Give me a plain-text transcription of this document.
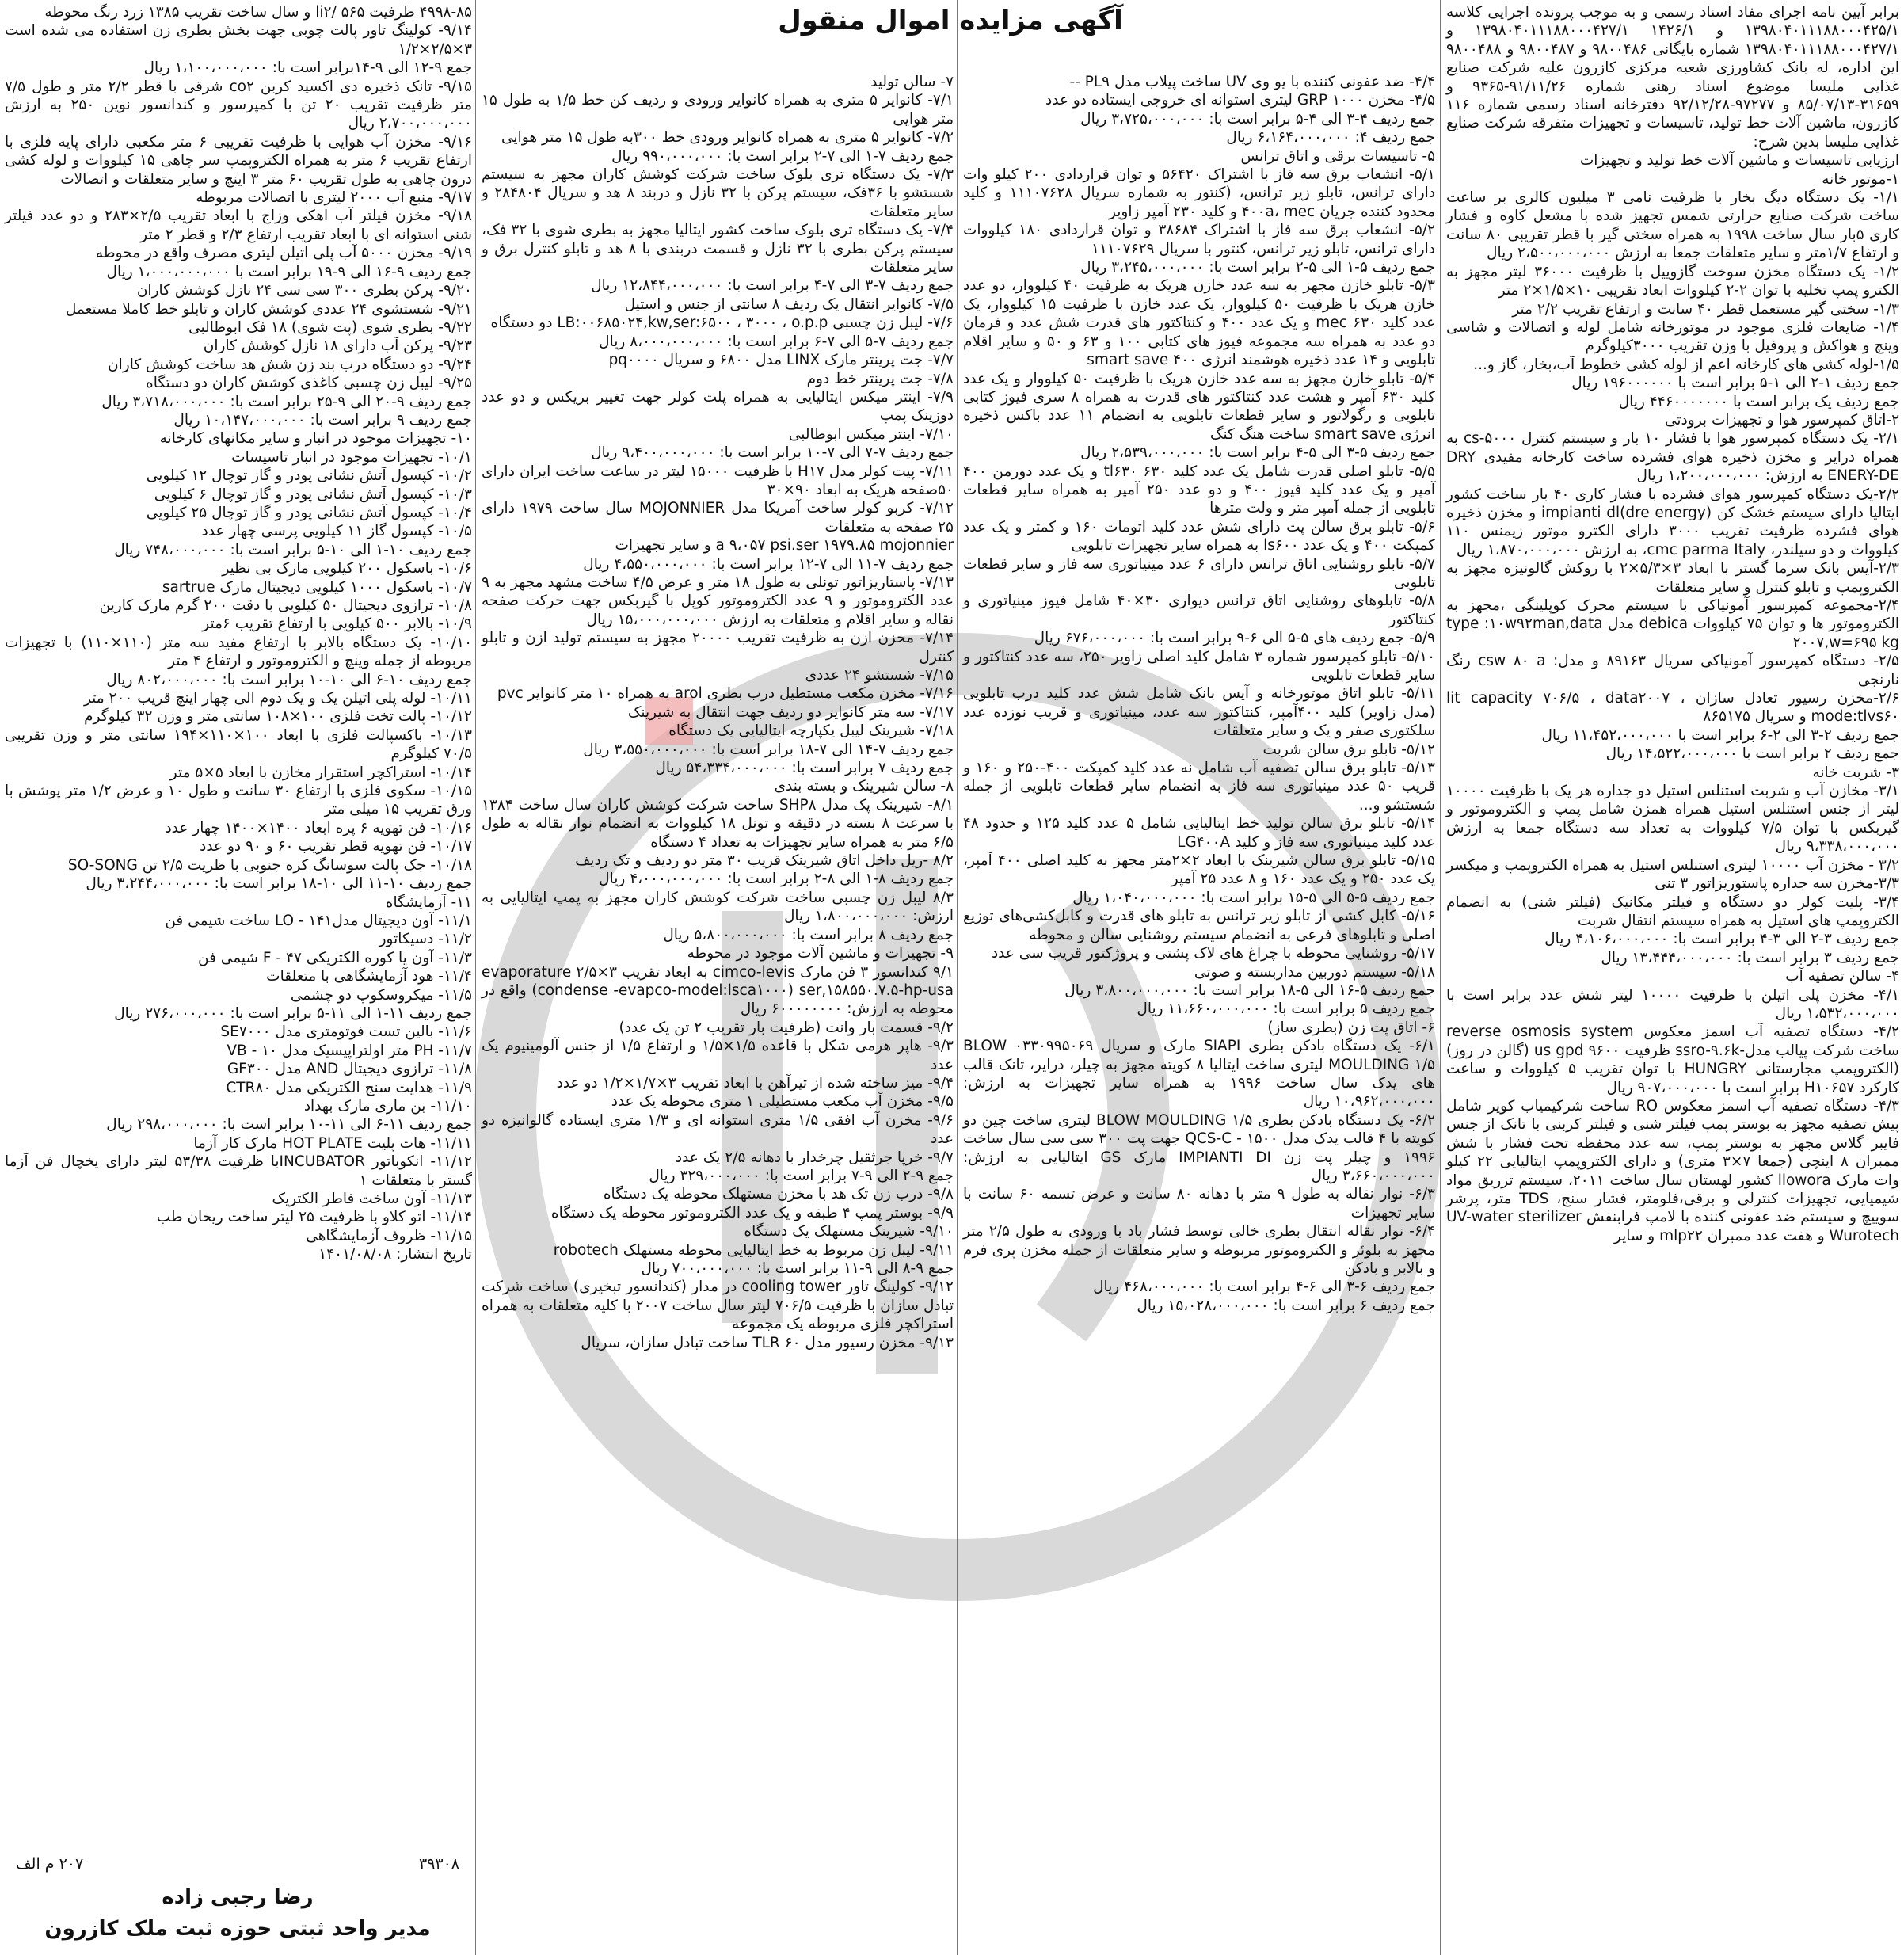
آگهی مزایده اموال منقول	برابر آیین نامه اجرای مفاد اسناد رسمی و به موجب پرونده اجرایی کلاسه ۱۳۹۸۰۴۰۱۱۱۸۸۰۰۰۴۲۵/۱ و ۱۴۲۶/۱ ۱۳۹۸۰۴۰۱۱۱۸۸۰۰۰۴۲۷/۱ و ۱۳۹۸۰۴۰۱۱۱۸۸۰۰۰۴۲۷/۱ شماره بایگانی ۹۸۰۰۴۸۶ و ۹۸۰۰۴۸۷ و ۹۸۰۰۴۸۸ این اداره، له بانک کشاورزی شعبه مرکزی کازرون علیه شرکت صنایع غذایی ملیسا موضوع اسناد رهنی شماره ۹۱/۱۱/۲۶-۹۳۶۵ و ۳۱۶۵۹-۸۵/۰۷/۱۳ و ۹۷۲۷۷-۹۲/۱۲/۲۸ دفترخانه اسناد رسمی شماره ۱۱۶ کازرون، ماشین آلات خط تولید، تاسیسات و تجهیزات متفرقه شرکت صنایع غذایی ملیسا بدین شرح:

ارزیابی تاسیسات و ماشین آلات خط تولید و تجهیزات

۱-موتور خانه

۱/۱- یک دستگاه دیگ بخار با ظرفیت نامی ۳ میلیون کالری بر ساعت ساخت شرکت صنایع حرارتی شمس تجهیز شده با مشعل کاوه و فشار کاری ۵بار سال ساخت ۱۹۹۸ به همراه سختی گیر با قطر تقریبی ۸۰ سانت و ارتفاع ۱/۷متر و سایر متعلقات جمعا به ارزش ۲،۵۰۰،۰۰۰،۰۰۰ ریال

۱/۲- یک دستگاه مخزن سوخت گازوییل با ظرفیت ۳۶۰۰۰ لیتر مجهز به الکترو پمپ تخلیه با توان ۲-۲ کیلووات ابعاد تقریبی ۱۰×۱/۵×۲ متر

۱/۳- سختی گیر مستعمل قطر ۴۰ سانت و ارتفاع تقریب ۲/۲ متر

۱/۴- ضایعات فلزی موجود در موتورخانه شامل لوله و اتصالات و شاسی وینچ و هواکش و پروفیل با وزن تقریب ۳۰۰۰کیلوگرم

۱/۵-لوله کشی های کارخانه اعم از لوله کشی خطوط آب،بخار، گاز و...

جمع ردیف ۱-۲ الی ۱-۵ برابر است با ۱۹۶۰۰۰۰۰۰ ریال

جمع ردیف یک برابر است با ۴۴۶۰۰۰۰۰۰۰ ریال

۲-اتاق کمپرسور هوا و تجهیزات برودتی

۲/۱- یک دستگاه کمپرسور هوا با فشار ۱۰ بار و سیستم کنترل cs-۵۰۰۰ به همراه درایر و مخزن ذخیره هوای فشرده ساخت کارخانه مفیدی DRY ENERY-DE به ارزش: ۱،۲۰۰،۰۰۰،۰۰۰ ریال

۲/۲-یک دستگاه کمپرسور هوای فشرده با فشار کاری ۴۰ بار ساخت کشور ایتالیا دارای سیستم خشک کن impianti dl(dre energy) و مخزن ذخیره هوای فشرده ظرفیت تقریب ۳۰۰۰ دارای الکترو موتور زیمنس ۱۱۰ کیلووات و دو سیلندر، cmc parma Italy، به ارزش ۱،۸۷۰،۰۰۰،۰۰۰ ریال

۲/۳-آیس بانک سرما گستر با ابعاد ۳×۵/۳×۲ با روکش گالونیزه مجهز به الکتروپمپ و تابلو کنترل و سایر متعلقات

۲/۴-مجموعه کمپرسور آمونیاکی با سیستم محرک کوپلینگی ،مجهز به الکتروموتور ها و توان ۷۵ کیلووات debica مدل type :۱۰w۹۲man,data ۲۰۰۷,w=۶۹۵ kg

۲/۵- دستگاه کمپرسور آمونیاکی سریال ۸۹۱۶۳ و مدل: csw ۸۰ a رنگ نارنجی

۲/۶-مخزن رسیور تعادل سازان lit capacity ۷۰۶/۵ ، data۲۰۰۷ ، mode:tlvs۶۰ و سریال ۸۶۵۱۷۵

جمع ردیف ۲-۳ الی ۲-۶ برابر است با ۱۱،۴۵۲،۰۰۰،۰۰۰ ریال

جمع ردیف ۲ برابر است با ۱۴،۵۲۲،۰۰۰،۰۰۰ ریال

۳- شربت خانه

۳/۱- مخازن آب و شربت استنلس استیل دو جداره هر یک با ظرفیت ۱۰۰۰۰ لیتر از جنس استنلس استیل همراه همزن شامل پمپ و الکتروموتور و گیربکس با توان ۷/۵ کیلووات به تعداد سه دستگاه جمعا به ارزش ۹،۳۳۸،۰۰۰،۰۰۰ ریال

۳/۲ - مخزن آب ۱۰۰۰۰ لیتری استنلس استیل به همراه الکتروپمپ و میکسر

۳/۳-مخزن سه جداره پاستوریزاتور ۳ تنی

۳/۴- پلیت کولر دو دستگاه و فیلتر مکانیک (فیلتر شنی) به انضمام الکتروپمپ های استیل به همراه سیستم انتقال شربت

جمع ردیف ۳-۲ الی ۳-۴ برابر است با: ۴،۱۰۶،۰۰۰،۰۰۰ ریال

جمع ردیف ۳ برابر است با: ۱۳،۴۴۴،۰۰۰،۰۰۰ ریال

۴- سالن تصفیه آب

۴/۱- مخزن پلی اتیلن با ظرفیت ۱۰۰۰۰ لیتر شش عدد برابر است با ۱،۵۳۲،۰۰۰،۰۰۰ ریال

۴/۲- دستگاه تصفیه آب اسمز معکوس reverse osmosis system ساخت شرکت پیالب مدل-ssro-۹.۶k ظرفیت ۹۶۰۰ us gpd (گالن در روز) (الکتروپمپ مجارستانی HUNGRY با توان تقریب ۵ کیلووات و ساعت کارکرد H۱۰۶۵۷ برابر است با ۹۰۷،۰۰۰،۰۰۰ ریال

۴/۳- دستگاه تصفیه آب اسمز معکوس RO ساخت شرکیمیاب کویر شامل پیش تصفیه مجهز به بوستر پمپ فیلتر شنی و فیلتر کربنی با تانک از جنس فایبر گلاس مجهز به بوستر پمپ، سه عدد محفظه تحت فشار با شش ممبران ۸ اینچی (جمعا ۷×۳ متری) و دارای الکتروپمپ ایتالیایی ۲۲ کیلو وات مارک llowora کشور لهستان سال ساخت ۲۰۱۱، سیستم تزریق مواد شیمیایی، تجهیزات کنترلی و برقی،فلومتر، فشار سنج، TDS متر، پرشر سوییچ و سیستم ضد عفونی کننده با لامپ فرابنفش UV-water sterilizer Wurotech و هفت عدد ممبران mlp۲۲ و سایر

۴/۴- ضد عفونی کننده با یو وی UV ساخت پیلاب مدل PL۹ --

۴/۵- مخزن GRP ۱۰۰۰ لیتری استوانه ای خروجی ایستاده دو عدد

جمع ردیف ۴-۳ الی ۴-۵ برابر است با: ۳،۷۲۵،۰۰۰،۰۰۰ ریال

جمع ردیف ۴: ۶،۱۶۴،۰۰۰،۰۰۰ ریال

۵- تاسیسات برقی و اتاق ترانس

۵/۱- انشعاب برق سه فاز با اشتراک ۵۶۴۲۰ و توان قراردادی ۲۰۰ کیلو وات دارای ترانس، تابلو زیر ترانس، (کنتور به شماره سریال ۱۱۱۰۷۶۲۸ و کلید محدود کننده جریان ۴۰۰a، mec و کلید ۲۳۰ آمپر زاویر

۵/۲- انشعاب برق سه فاز با اشتراک ۳۸۶۸۴ و توان قراردادی ۱۸۰ کیلووات دارای ترانس، تابلو زیر ترانس، کنتور با سریال ۱۱۱۰۷۶۲۹

جمع ردیف ۵-۱ الی ۵-۲ برابر است با: ۳،۲۴۵،۰۰۰،۰۰۰ ریال

۵/۳- تابلو خازن مجهز به سه عدد خازن هریک به ظرفیت ۴۰ کیلووار، دو عدد خازن هریک با ظرفیت ۵۰ کیلووار، یک عدد خازن با ظرفیت ۱۵ کیلووار، یک عدد کلید ۶۳۰ mec و یک عدد ۴۰۰ و کنتاکتور های قدرت شش عدد و فرمان دو عدد به همراه سه مجموعه فیوز های کتابی ۱۰۰ و ۶۳ و ۵۰ و سایر اقلام تابلویی و ۱۴ عدد ذخیره هوشمند انرژی ۴۰۰ smart save

۵/۴- تابلو خازن مجهز به سه عدد خازن هریک با ظرفیت ۵۰ کیلووار و یک عدد کلید ۶۳۰ آمپر و هشت عدد کنتاکتور های قدرت به همراه ۸ سری فیوز کتابی تابلویی و رگولاتور و سایر قطعات تابلویی به انضمام ۱۱ عدد باکس ذخیره انرژی smart save ساخت هنگ کنگ

جمع ردیف ۵-۳ الی ۵-۴ برابر است با: ۲،۵۳۹،۰۰۰،۰۰۰ ریال

۵/۵- تابلو اصلی قدرت شامل یک عدد کلید ۶۳۰ tl۶۳۰ و یک عدد دورمن ۴۰۰ آمپر و یک عدد کلید فیوز ۴۰۰ و دو عدد ۲۵۰ آمپر به همراه سایر قطعات تابلویی از جمله آمپر متر و ولت مترها

۵/۶- تابلو برق سالن پت دارای شش عدد کلید اتومات ۱۶۰ و کمتر و یک عدد کمپکت ۴۰۰ و یک عدد ls۶۰۰ به همراه سایر تجهیزات تابلویی

۵/۷- تابلو روشنایی اتاق ترانس دارای ۶ عدد مینیاتوری سه فاز و سایر قطعات تابلویی

۵/۸- تابلوهای روشنایی اتاق ترانس دیواری ۳۰×۴۰ شامل فیوز مینیاتوری و کنتاکتور

۵/۹- جمع ردیف های ۵-۵ الی ۶-۹ برابر است با: ۶۷۶،۰۰۰،۰۰۰ ریال

۵/۱۰- تابلو کمپرسور شماره ۳ شامل کلید اصلی زاویر ۲۵۰، سه عدد کنتاکتور و سایر قطعات تابلویی

۵/۱۱- تابلو اتاق موتورخانه و آیس بانک شامل شش عدد کلید درب تابلویی (مدل زاویر) کلید ۴۰۰آمپر، کنتاکتور سه عدد، مینیاتوری و قریب نوزده عدد سلکتوری صفر و یک و سایر متعلقات

۵/۱۲- تابلو برق سالن شربت

۵/۱۳- تابلو برق سالن تصفیه آب شامل نه عدد کلید کمپکت ۴۰۰-۲۵۰ و ۱۶۰ و قریب ۵۰ عدد مینیاتوری سه فاز به انضمام سایر قطعات تابلویی از جمله شستشو و...

۵/۱۴- تابلو برق سالن تولید خط ایتالیایی شامل ۵ عدد کلید ۱۲۵ و حدود ۴۸ عدد کلید مینیاتوری سه فاز و کلید LG۴۰۰A

۵/۱۵- تابلو برق سالن شیرینک با ابعاد ۲×۲متر مجهز به کلید اصلی ۴۰۰ آمپر، یک عدد ۲۵۰ و یک عدد ۱۶۰ و ۸ عدد ۲۵ آمپر

جمع ردیف ۵-۵ الی ۵-۱۵ برابر است با: ۱،۰۴۰،۰۰۰،۰۰۰ ریال

۵/۱۶- کابل کشی از تابلو زیر ترانس به تابلو های قدرت و کابل‌کشی‌های توزیع اصلی و تابلوهای فرعی به انضمام سیستم روشنایی سالن و محوطه

۵/۱۷- روشنایی محوطه با چراغ های لاک پشتی و پروژکتور قریب سی عدد

۵/۱۸- سیستم دوربین مداربسته و صوتی

جمع ردیف ۵-۱۶ الی ۵-۱۸ برابر است با: ۳،۸۰۰،۰۰۰،۰۰۰ ریال

جمع ردیف ۵ برابر است با: ۱۱،۶۶۰،۰۰۰،۰۰۰ ریال

۶- اتاق پت زن (بطری ساز)

۶/۱- یک دستگاه بادکن بطری SIAPI مارک و سریال ۰۳۳۰۹۹۵۰۶۹ BLOW MOULDING ۱/۵ لیتری ساخت ایتالیا ۸ کویته مجهز به چیلر، درایر، تانک قالب های یدک سال ساخت ۱۹۹۶ به همراه سایر تجهیزات به ارزش: ۱۰،۹۶۲،۰۰۰،۰۰۰ ریال

۶/۲- یک دستگاه بادکن بطری BLOW MOULDING ۱/۵ لیتری ساخت چین دو کویته با ۴ قالب یدک مدل ۱۵۰۰ - QCS-C جهت پت ۳۰۰ سی سی سال ساخت ۱۹۹۶ و چیلر پت زن IMPIANTI DI مارک GS ایتالیایی به ارزش: ۳،۶۶۰،۰۰۰،۰۰۰ ریال

۶/۳- نوار نقاله به طول ۹ متر با دهانه ۸۰ سانت و عرض تسمه ۶۰ سانت با سایر تجهیزات

۶/۴- نوار نقاله انتقال بطری خالی توسط فشار باد با ورودی به طول ۲/۵ متر مجهز به بلوئر و الکتروموتور مربوطه و سایر متعلقات از جمله مخزن پری فرم و بالابر و بادکن

جمع ردیف ۶-۳ الی ۶-۴ برابر است با: ۴۶۸،۰۰۰،۰۰۰ ریال

جمع ردیف ۶ برابر است با: ۱۵،۰۲۸،۰۰۰،۰۰۰ ریال

۷- سالن تولید

۷/۱- کانوایر ۵ متری به همراه کانوایر ورودی و ردیف کن خط ۱/۵ به طول ۱۵ متر هوایی

۷/۲- کانوایر ۵ متری به همراه کانوایر ورودی خط ۳۰۰به طول ۱۵ متر هوایی

جمع ردیف ۷-۱ الی ۷-۲ برابر است با: ۹۹۰،۰۰۰،۰۰۰ ریال

۷/۳- یک دستگاه تری بلوک ساخت شرکت کوشش کاران مجهز به سیستم شستشو با ۳۶فک، سیستم پرکن با ۳۲ نازل و دربند ۸ هد و سریال ۲۸۴۸۰۴ و سایر متعلقات

۷/۴- یک دستگاه تری بلوک ساخت کشور ایتالیا مجهز به بطری شوی با ۳۲ فک، سیستم پرکن بطری با ۳۲ نازل و قسمت دربندی با ۸ هد و تابلو کنترل برق و سایر متعلقات

جمع ردیف ۷-۳ الی ۷-۴ برابر است با: ۱۲،۸۴۴،۰۰۰،۰۰۰ ریال

۷/۵- کانوایر انتقال یک ردیف ۸ سانتی از جنس و استیل

۷/۶- لیبل زن چسبی LB:۰۰۶۸۵۰۲۴,kw,ser:۶۵۰۰ ، ۳۰۰۰ ، o.p.p دو دستگاه

جمع ردیف ۷-۵ الی ۷-۶ برابر است با: ۸،۰۰۰،۰۰۰،۰۰۰ ریال

۷/۷- جت پرینتر مارک LINX مدل ۶۸۰۰ و سریال pq۰۰۰۰

۷/۸- جت پرینتر خط دوم

۷/۹- اینتر میکس ایتالیایی به همراه پلت کولر جهت تغییر بریکس و دو عدد دوزینک پمپ

۷/۱۰- اینتر میکس ابوطالبی

جمع ردیف ۷-۷ الی ۷-۱۰ برابر است با: ۹،۴۰۰،۰۰۰،۰۰۰ ریال

۷/۱۱- پیت کولر مدل H۱۷ با ظرفیت ۱۵۰۰۰ لیتر در ساعت ساخت ایران دارای ۵۰صفحه هریک به ابعاد ۹۰×۳۰

۷/۱۲- کربو کولر ساخت آمریکا مدل MOJONNIER سال ساخت ۱۹۷۹ دارای ۲۵ صفحه به متعلقات

a ۹،۰۵۷ psi.ser ۱۹۷۹.۸۵ mojonnier و سایر تجهیزات

جمع ردیف ۷-۱۱ الی ۷-۱۲ برابر است با: ۴،۵۵۰،۰۰۰،۰۰۰ ریال

۷/۱۳- پاستاریزاتور تونلی به طول ۱۸ متر و عرض ۴/۵ ساخت مشهد مجهز به ۹ عدد الکتروموتور و ۹ عدد الکتروموتور کوپل با گیربکس جهت حرکت صفحه نقاله و سایر اقلام و متعلقات به ارزش ۱۵،۰۰۰،۰۰۰،۰۰۰ ریال

۷/۱۴- مخزن ازن به ظرفیت تقریب ۲۰۰۰۰ مجهز به سیستم تولید ازن و تابلو کنترل

۷/۱۵- شستشو ۲۴ عددی

۷/۱۶- مخزن مکعب مستطیل درب بطری arol به همراه ۱۰ متر کانوایر pvc

۷/۱۷- سه متر کانوایر دو ردیف جهت انتقال به شیرینک

۷/۱۸- شیرینک لیبل یکپارچه ایتالیایی یک دستگاه

جمع ردیف ۷-۱۴ الی ۷-۱۸ برابر است با: ۳،۵۵۰،۰۰۰،۰۰۰ ریال

جمع ردیف ۷ برابر است با: ۵۴،۳۳۴،۰۰۰،۰۰۰ ریال

۸- سالن شیرینک و بسته بندی

۸/۱- شیرینک پک مدل SHP۸ ساخت شرکت کوشش کاران سال ساخت ۱۳۸۴ با سرعت ۸ بسته در دقیقه و تونل ۱۸ کیلووات به انضمام نوار نقاله به طول ۶/۵ متر به همراه سایر تجهیزات به تعداد ۴ دستگاه

۸/۲ -ریل داخل اتاق شیرینک قریب ۳۰ متر دو ردیف و تک ردیف

جمع ردیف ۸-۱ الی ۸-۲ برابر است با: ۴،۰۰۰،۰۰۰،۰۰۰ ریال

۸/۳ لیبل زن چسبی ساخت شرکت کوشش کاران مجهز به پمپ ایتالیایی به ارزش: ۱،۸۰۰،۰۰۰،۰۰۰ ریال

جمع ردیف ۸ برابر است با: ۵،۸۰۰،۰۰۰،۰۰۰ ریال

۹- تجهیزات و ماشین آلات موجود در محوطه

۹/۱ کندانسور ۳ فن مارک cimco-levis به ابعاد تقریب ۳×۲/۵ evaporature condense -evapco-model:lsca۱۰۰۰) ser,۱۵۸۵۵۰.۷.۵-hp-usa) واقع در محوطه به ارزش: ۶۰۰۰۰۰۰۰۰ ریال

۹/۲- قسمت بار وانت (ظرفیت بار تقریب ۲ تن یک عدد)

۹/۳- هاپر هرمی شکل با قاعده ۱/۵×۱/۵ و ارتفاع ۱/۵ از جنس آلومینیوم یک عدد

۹/۴- میز ساخته شده از تیرآهن با ابعاد تقریب ۳×۱/۷×۱/۲ دو عدد

۹/۵- مخزن آب مکعب مستطیلی ۱ متری محوطه یک عدد

۹/۶- مخزن آب افقی ۱/۵ متری استوانه ای و ۱/۳ متری ایستاده گالوانیزه دو عدد

۹/۷- خرپا جرثقیل چرخدار با دهانه ۲/۵ یک عدد

جمع ۹-۲ الی ۹-۷ برابر است با: ۳۲۹،۰۰۰،۰۰۰ ریال

۹/۸- درب زن تک هد با مخزن مستهلک محوطه یک دستگاه

۹/۹- بوستر پمپ ۴ طبقه و یک عدد الکتروموتور محوطه یک دستگاه

۹/۱۰- شیرینک مستهلک یک دستگاه

۹/۱۱- لیبل زن مربوط به خط ایتالیایی محوطه مستهلک robotech

جمع ۹-۸ الی ۹-۱۱ برابر است با: ۷۰۰،۰۰۰،۰۰۰ ریال

۹/۱۲- کولینگ تاور cooling tower در مدار (کندانسور تبخیری) ساخت شرکت تبادل سازان با ظرفیت ۷۰۶/۵ لیتر سال ساخت ۲۰۰۷ با کلیه متعلقات به همراه استراکچر فلزی مربوطه یک مجموعه

۹/۱۳- مخزن رسیور مدل TLR ۶۰ ساخت تبادل سازان، سریال

۴۹۹۸-۸۵ ظرفیت ۵۶۵ /li۲ و سال ساخت تقریب ۱۳۸۵ زرد رنگ محوطه

۹/۱۴- کولینگ تاور پالت چوبی جهت بخش بطری زن استفاده می شده است ۳×۲/۵×۱/۲

جمع ۹-۱۲ الی ۹-۱۴برابر است با: ۱،۱۰۰،۰۰۰،۰۰۰ ریال

۹/۱۵- تانک ذخیره دی اکسید کربن co۲ شرقی با قطر ۲/۲ متر و طول ۷/۵ متر ظرفیت تقریب ۲۰ تن با کمپرسور و کندانسور نوین ۲۵۰ به ارزش ۲،۷۰۰،۰۰۰،۰۰۰ ریال

۹/۱۶- مخزن آب هوایی با ظرفیت تقریبی ۶ متر مکعبی دارای پایه فلزی با ارتفاع تقریب ۶ متر به همراه الکتروپمپ سر چاهی ۱۵ کیلووات و لوله کشی درون چاهی به طول تقریب ۶۰ متر ۳ اینچ و سایر متعلقات و اتصالات

۹/۱۷- منبع آب ۲۰۰۰ لیتری با اتصالات مربوطه

۹/۱۸- مخزن فیلتر آب اهکی وزاج با ابعاد تقریب ۲/۵×۲۸۳ و دو عدد فیلتر شنی استوانه ای با ابعاد تقریب ارتفاع ۲/۳ و قطر ۲ متر

۹/۱۹- مخزن ۵۰۰۰ آب پلی اتیلن لیتری مصرف واقع در محوطه

جمع ردیف ۹-۱۶ الی ۹-۱۹ برابر است با ۱،۰۰۰،۰۰۰،۰۰۰ ریال

۹/۲۰- پرکن بطری ۳۰۰ سی سی ۲۴ نازل کوشش کاران

۹/۲۱- شستشوی ۲۴ عددی کوشش کاران و تابلو خط کاملا مستعمل

۹/۲۲- بطری شوی (پت شوی) ۱۸ فک ابوطالبی

۹/۲۳- پرکن آب دارای ۱۸ نازل کوشش کاران

۹/۲۴- دو دستگاه درب بند زن شش هد ساخت کوشش کاران

۹/۲۵- لیبل زن چسبی کاغذی کوشش کاران دو دستگاه

جمع ردیف ۹-۲۰ الی ۹-۲۵ برابر است با: ۳،۷۱۸،۰۰۰،۰۰۰ ریال

جمع ردیف ۹ برابر است با: ۱۰،۱۴۷،۰۰۰،۰۰۰ ریال

۱۰- تجهیزات موجود در انبار و سایر مکانهای کارخانه

۱۰/۱- تجهیزات موجود در انبار تاسیسات

۱۰/۲- کپسول آتش نشانی پودر و گاز توچال ۱۲ کیلویی

۱۰/۳- کپسول آتش نشانی پودر و گاز توچال ۶ کیلویی

۱۰/۴- کپسول آتش نشانی پودر و گاز توچال ۲۵ کیلویی

۱۰/۵- کپسول گاز ۱۱ کیلویی پرسی چهار عدد

جمع ردیف ۱۰-۱ الی ۱۰-۵ برابر است با: ۷۴۸،۰۰۰،۰۰۰ ریال

۱۰/۶- باسکول ۲۰۰ کیلویی مارک بی نظیر

۱۰/۷- باسکول ۱۰۰۰ کیلویی دیجیتال مارک sartrue

۱۰/۸- ترازوی دیجیتال ۵۰ کیلویی با دقت ۲۰۰ گرم مارک کارین

۱۰/۹- بالابر ۵۰۰ کیلویی با ارتفاع تقریب ۶متر

۱۰/۱۰- یک دستگاه بالابر با ارتفاع مفید سه متر (۱۱۰×۱۱۰) با تجهیزات مربوطه از جمله وینچ و الکتروموتور و ارتفاع ۴ متر

جمع ردیف ۱۰-۶ الی ۱۰-۱۰ برابر است با: ۸۰۲،۰۰۰،۰۰۰ ریال

۱۰/۱۱- لوله پلی اتیلن یک و یک دوم الی چهار اینچ قریب ۲۰۰ متر

۱۰/۱۲- پالت تخت فلزی ۱۰۰×۱۰۸ سانتی متر و وزن ۳۲ کیلوگرم

۱۰/۱۳- باکسپالت فلزی با ابعاد ۱۰۰×۱۱۰×۱۹۴ سانتی متر و وزن تقریبی ۷۰/۵ کیلوگرم

۱۰/۱۴- استراکچر استقرار مخازن با ابعاد ۵×۵ متر

۱۰/۱۵- سکوی فلزی با ارتفاع ۳۰ سانت و طول ۱۰ و عرض ۱/۲ متر پوشش با ورق تقریب ۱۵ میلی متر

۱۰/۱۶- فن تهویه ۶ پره ابعاد ۱۴۰۰×۱۴۰۰ چهار عدد

۱۰/۱۷- فن تهویه قطر تقریب ۶۰ و ۹۰ دو عدد

۱۰/۱۸- جک پالت سوسانگ کره جنوبی با ظریت ۲/۵ تن SO-SONG

جمع ردیف ۱۰-۱۱ الی ۱۰-۱۸ برابر است با: ۳،۲۴۴،۰۰۰،۰۰۰ ریال

۱۱- آزمایشگاه

۱۱/۱- آون دیجیتال مدل۱۴۱ - LO ساخت شیمی فن

۱۱/۲- دسیکاتور

۱۱/۳- آون یا کوره الکتریکی ۴۷ - F شیمی فن

۱۱/۴- هود آزمایشگاهی با متعلقات

۱۱/۵- میکروسکوپ دو چشمی

جمع ردیف ۱۱-۱ الی ۱۱-۵ برابر است با: ۲۷۶،۰۰۰،۰۰۰ ریال

۱۱/۶- بالین تست فوتومتری مدل SE۷۰۰۰

۱۱/۷- PH متر اولتراپیسیک مدل ۱۰ - VB

۱۱/۸- ترازوی دیجیتال AND مدل GF۳۰۰

۱۱/۹- هدایت سنج الکتریکی مدل CTR۸۰

۱۱/۱۰- بن ماری مارک بهداد

جمع ردیف ۱۱-۶ الی ۱۱-۱۰ برابر است با: ۲۹۸،۰۰۰،۰۰۰ ریال

۱۱/۱۱- هات پلیت HOT PLATE مارک کار آزما

۱۱/۱۲- انکوباتور INCUBATORبا ظرفیت ۵۳/۳۸ لیتر دارای یخچال فن آزما گستر با متعلقات ۱

۱۱/۱۳- آون ساخت فاطر الکتریک

۱۱/۱۴- اتو کلاو با ظرفیت ۲۵ لیتر ساخت ریحان طب

۱۱/۱۵- ظروف آزمایشگاهی

تاریخ انتشار: ۱۴۰۱/۰۸/۰۸

۳۹۳۰۸
۲۰۷ م الف
رضا رجبی زاده
مدیر واحد ثبتی حوزه ثبت ملک کازرون
